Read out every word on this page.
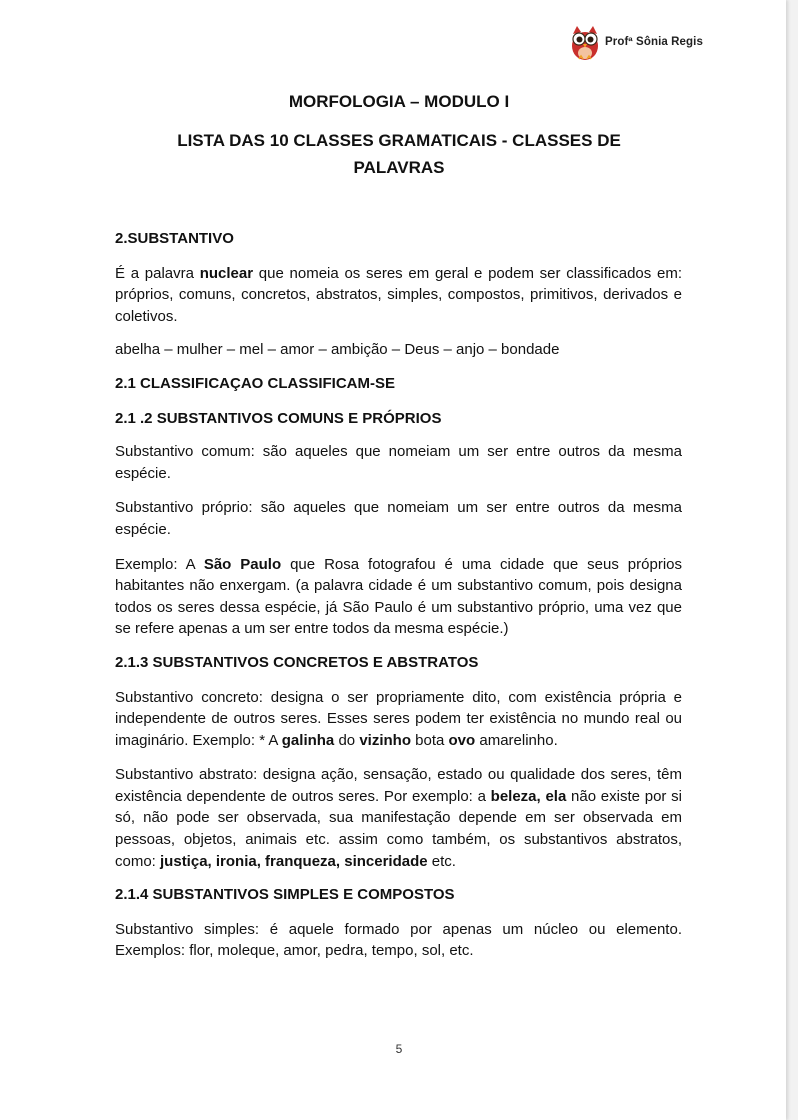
Profª Sônia Regis
MORFOLOGIA – MODULO I
LISTA DAS 10 CLASSES GRAMATICAIS - CLASSES DE PALAVRAS

2.SUBSTANTIVO

É a palavra nuclear que nomeia os seres em geral e podem ser classificados em: próprios, comuns, concretos, abstratos, simples, compostos, primitivos, derivados e coletivos.

abelha – mulher – mel – amor – ambição – Deus – anjo – bondade

2.1 CLASSIFICAÇAO CLASSIFICAM-SE

2.1 .2 SUBSTANTIVOS COMUNS E PRÓPRIOS

Substantivo comum: são aqueles que nomeiam um ser entre outros da mesma espécie.

Substantivo próprio: são aqueles que nomeiam um ser entre outros da mesma espécie.

Exemplo: A São Paulo que Rosa fotografou é uma cidade que seus próprios habitantes não enxergam. (a palavra cidade é um substantivo comum, pois designa todos os seres dessa espécie, já São Paulo é um substantivo próprio, uma vez que se refere apenas a um ser entre todos da mesma espécie.)

2.1.3 SUBSTANTIVOS CONCRETOS E ABSTRATOS

Substantivo concreto: designa o ser propriamente dito, com existência própria e independente de outros seres. Esses seres podem ter existência no mundo real ou imaginário. Exemplo: * A galinha do vizinho bota ovo amarelinho.

Substantivo abstrato: designa ação, sensação, estado ou qualidade dos seres, têm existência dependente de outros seres. Por exemplo: a beleza, ela não existe por si só, não pode ser observada, sua manifestação depende em ser observada em pessoas, objetos, animais etc. assim como também, os substantivos abstratos, como: justiça, ironia, franqueza, sinceridade etc.

2.1.4 SUBSTANTIVOS SIMPLES E COMPOSTOS

Substantivo simples: é aquele formado por apenas um núcleo ou elemento. Exemplos: flor, moleque, amor, pedra, tempo, sol, etc.

5
